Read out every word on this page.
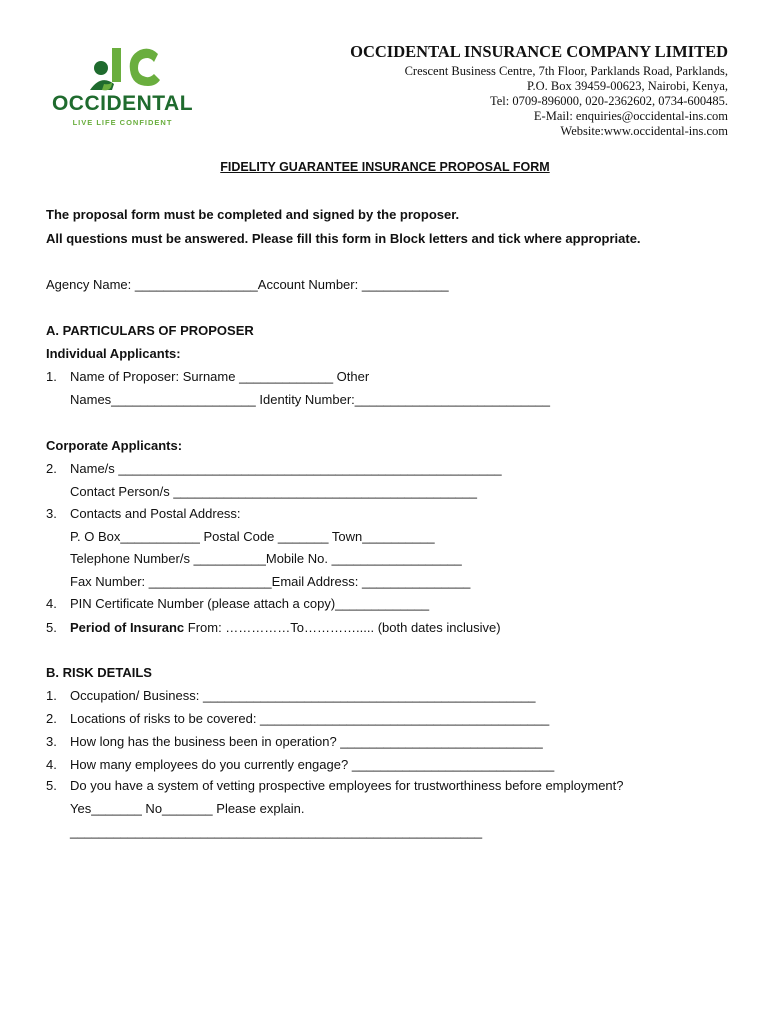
OCCIDENTAL
LIVE LIFE CONFIDENT
OCCIDENTAL INSURANCE COMPANY LIMITED
Crescent Business Centre, 7th Floor, Parklands Road, Parklands,
P.O. Box 39459-00623, Nairobi, Kenya,
Tel: 0709-896000, 020-2362602, 0734-600485.
E-Mail: enquiries@occidental-ins.com
Website:www.occidental-ins.com
FIDELITY GUARANTEE INSURANCE PROPOSAL FORM
The proposal form must be completed and signed by the proposer.
All questions must be answered. Please fill this form in Block letters and tick where appropriate.
Agency Name: _________________Account Number: ____________
A. PARTICULARS OF PROPOSER
Individual Applicants:
1. Name of Proposer: Surname _____________ Other
Names____________________ Identity Number:___________________________
Corporate Applicants:
2. Name/s _____________________________________________________
Contact Person/s __________________________________________
3. Contacts and Postal Address:
P. O Box___________ Postal Code _______ Town__________
Telephone Number/s __________Mobile No. __________________
Fax Number: _________________Email Address: _______________
4. PIN Certificate Number (please attach a copy)_____________
5. Period of Insuranc From: ……………To…………..... (both dates inclusive)
B. RISK DETAILS
1. Occupation/ Business: ______________________________________________
2. Locations of risks to be covered: ________________________________________
3. How long has the business been in operation? ____________________________
4. How many employees do you currently engage? ____________________________
5. Do you have a system of vetting prospective employees for trustworthiness before employment?
Yes_______ No_______ Please explain.
_________________________________________________________
